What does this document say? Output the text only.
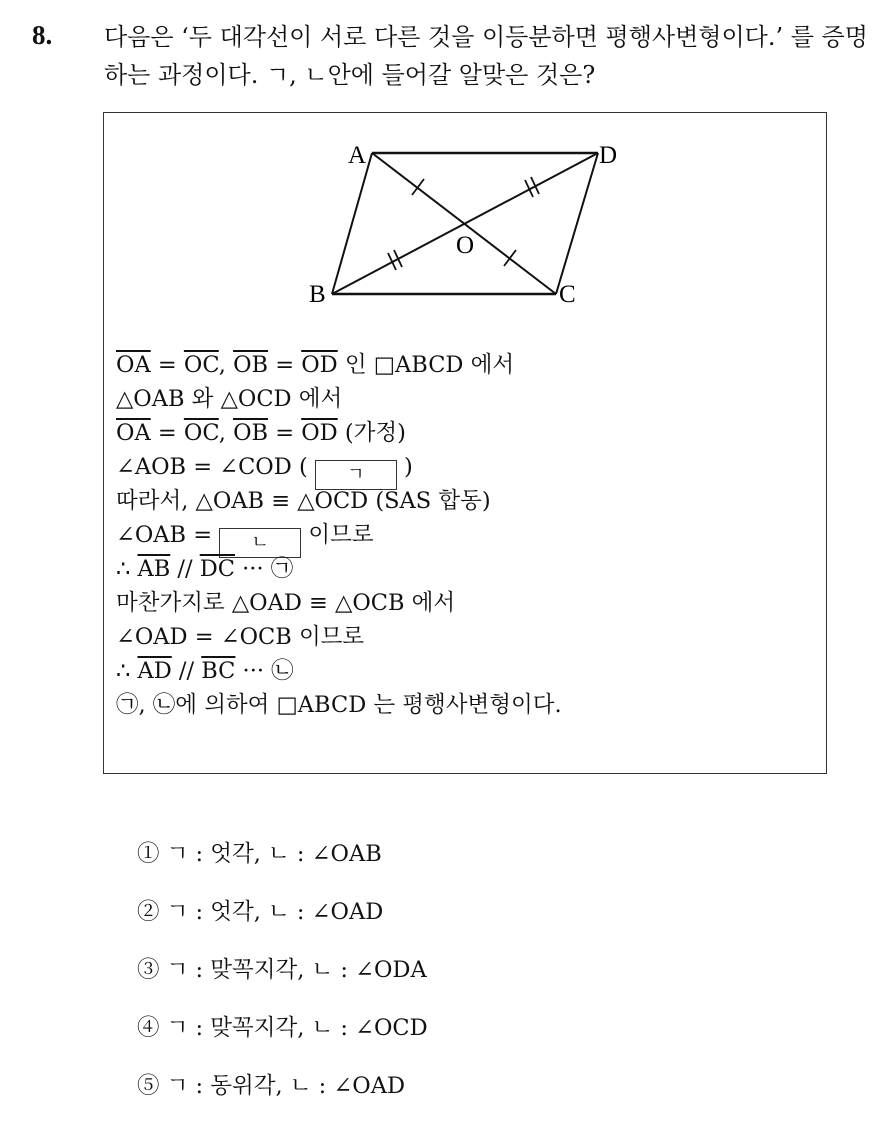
8. 다음은 ‘두 대각선이 서로 다른 것을 이등분하면 평행사변형이다.’ 를 증명하는 과정이다. ㄱ, ㄴ안에 들어갈 알맞은 것은?
A	D
B	C
O
$\overline{OA} = \overline{OC}$, $\overline{OB} = \overline{OD}$ 인 □ABCD 에서
△OAB 와 △OCD 에서
$\overline{OA} = \overline{OC}$, $\overline{OB} = \overline{OD}$ (가정)
∠AOB = ∠COD ( ㄱ )
따라서, △OAB ≡ △OCD (SAS 합동)
∠OAB = ㄴ 이므로
∴ $\overline{AB} // \overline{DC}$ ··· ㉠
마찬가지로 △OAD ≡ △OCB 에서
∠OAD = ∠OCB 이므로
∴ $\overline{AD} // \overline{BC}$ ··· ㉡
㉠, ㉡에 의하여 □ABCD 는 평행사변형이다.
① ㄱ : 엇각, ㄴ : ∠OAB
② ㄱ : 엇각, ㄴ : ∠OAD
③ ㄱ : 맞꼭지각, ㄴ : ∠ODA
④ ㄱ : 맞꼭지각, ㄴ : ∠OCD
⑤ ㄱ : 동위각, ㄴ : ∠OAD
